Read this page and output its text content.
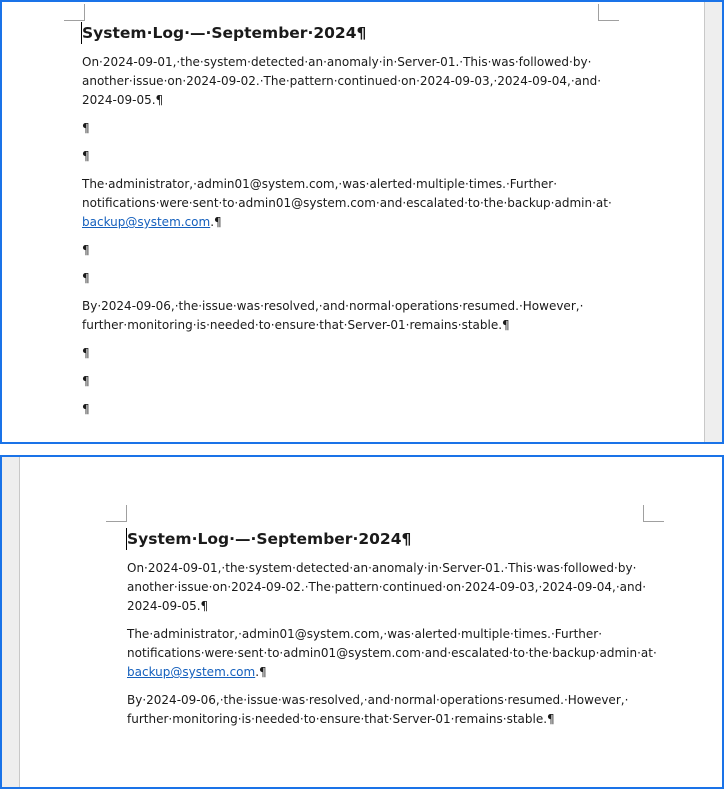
System·Log·—·September·2024¶

On·2024-09-01,·the·system·detected·an·anomaly·in·Server-01.·This·was·followed·by·

another·issue·on·2024-09-02.·The·pattern·continued·on·2024-09-03,·2024-09-04,·and·

2024-09-05.¶

¶

¶

The·administrator,·admin01@system.com,·was·alerted·multiple·times.·Further·

notifications·were·sent·to·admin01@system.com·and·escalated·to·the·backup·admin·at·

backup@system.com.¶

¶

¶

By·2024-09-06,·the·issue·was·resolved,·and·normal·operations·resumed.·However,·

further·monitoring·is·needed·to·ensure·that·Server-01·remains·stable.¶

¶

¶

¶

System·Log·—·September·2024¶

On·2024-09-01,·the·system·detected·an·anomaly·in·Server-01.·This·was·followed·by·

another·issue·on·2024-09-02.·The·pattern·continued·on·2024-09-03,·2024-09-04,·and·

2024-09-05.¶

The·administrator,·admin01@system.com,·was·alerted·multiple·times.·Further·

notifications·were·sent·to·admin01@system.com·and·escalated·to·the·backup·admin·at·

backup@system.com.¶

By·2024-09-06,·the·issue·was·resolved,·and·normal·operations·resumed.·However,·

further·monitoring·is·needed·to·ensure·that·Server-01·remains·stable.¶
